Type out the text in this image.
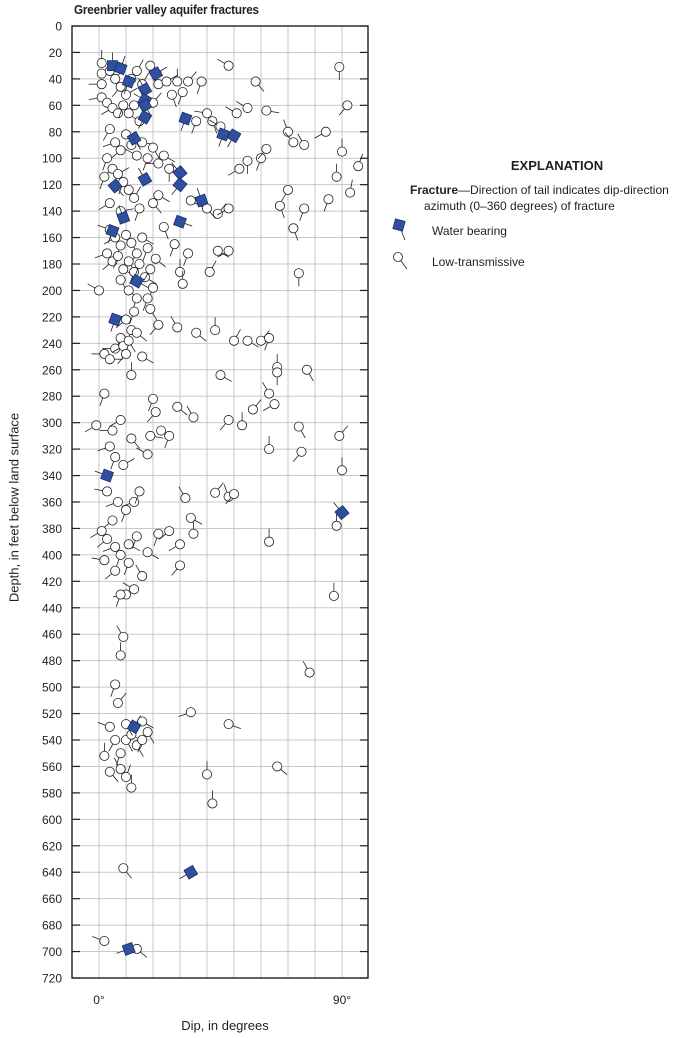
Greenbrier valley aquifer fractures
0
20
40
60
80
100
120
140
160
180
200
220
240
260
280
300
320
340
360
380
400
420
440
460
480
500
520
540
560
580
600
620
640
660
680
700
720
0°	90°
Depth, in feet below land surface
Dip, in degrees
EXPLANATION
Fracture—Direction of tail indicates dip-direction
azimuth (0–360 degrees) of fracture
Water bearing
Low-transmissive
